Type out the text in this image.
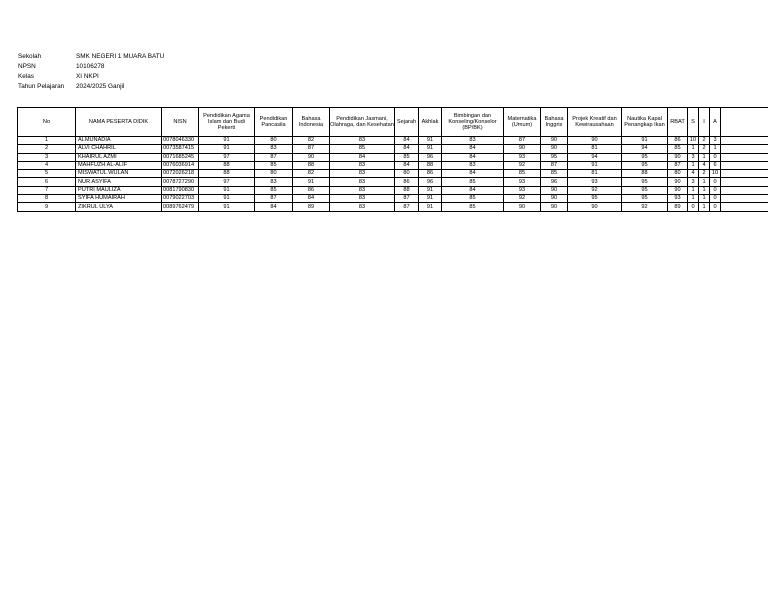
Sekolah	SMK NEGERI 1 MUARA BATU
NPSN	10106278
Kelas	XI NKPI
Tahun Pelajaran	2024/2025 Ganjil
No	NAMA PESERTA DIDIK	NISN	Pendidikan Agama Islam dan Budi Pekerti	Pendidikan Pancasila	Bahasa Indonesia	Pendidikan Jasmani, Olahraga, dan Kesehatan	Sejarah	Akhlak	Bimbingan dan Konseling/Konselor (BP/BK)	Matematika (Umum)	Bahasa Inggris	Projek Kreatif dan Kewirausahaan	Nautika Kapal Penangkap Ikan	RBAT	S	I	A	
1	ALMUNADIA	0078046330	91	80	82	83	84	91	83	87	90	90	91	86	10	2	3	
2	ALVI CHAHRIL	0073587415	91	83	87	85	84	91	84	90	90	81	94	85	1	2	1	
3	KHAIRUL AZMI	0071685245	97	87	90	84	85	96	84	93	95	94	95	90	3	1	0	
4	MAHFUZH AL-ALIF	0076036914	88	85	88	83	84	88	83	92	87	91	95	87	1	4	6	
5	MISWATUL WULAN	0072026218	88	80	82	83	80	86	84	85	85	81	88	80	4	2	10	
6	NUR ASYIFA	0078727290	97	83	91	83	86	96	85	93	96	93	95	90	3	1	0	
7	PUTRI MAULIZA	0081790830	91	85	86	83	88	91	84	93	90	92	95	90	1	1	0	
8	SYIFA HUMAIRAH	0079022703	91	87	84	83	87	91	85	92	90	95	95	93	1	1	0	
9	ZIKRUL ULYA	0089762479	91	84	89	83	87	91	85	90	90	90	92	89	0	1	0	
